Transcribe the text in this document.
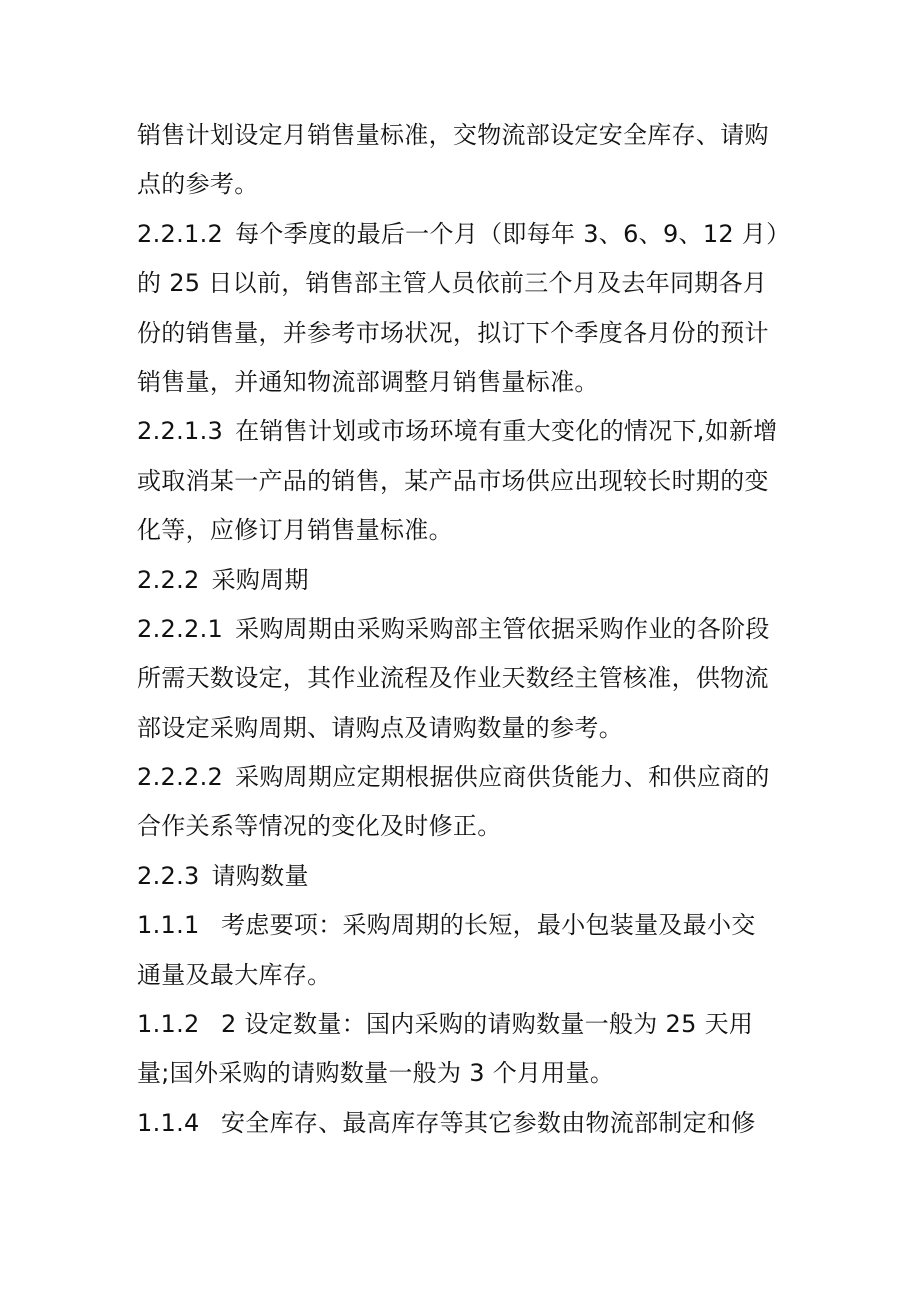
销售计划设定月销售量标准，交物流部设定安全库存、请购
点的参考。
2.2.1.2 每个季度的最后一个月（即每年 3、6、9、12 月）
的 25 日以前，销售部主管人员依前三个月及去年同期各月
份的销售量，并参考市场状况，拟订下个季度各月份的预计
销售量，并通知物流部调整月销售量标准。
2.2.1.3 在销售计划或市场环境有重大变化的情况下,如新增
或取消某一产品的销售，某产品市场供应出现较长时期的变
化等，应修订月销售量标准。
2.2.2 采购周期
2.2.2.1 采购周期由采购采购部主管依据采购作业的各阶段
所需天数设定，其作业流程及作业天数经主管核准，供物流
部设定采购周期、请购点及请购数量的参考。
2.2.2.2 采购周期应定期根据供应商供货能力、和供应商的
合作关系等情况的变化及时修正。
2.2.3 请购数量
1.1.1 考虑要项：采购周期的长短，最小包装量及最小交
通量及最大库存。
1.1.2 2 设定数量：国内采购的请购数量一般为 25 天用
量;国外采购的请购数量一般为 3 个月用量。
1.1.4 安全库存、最高库存等其它参数由物流部制定和修
